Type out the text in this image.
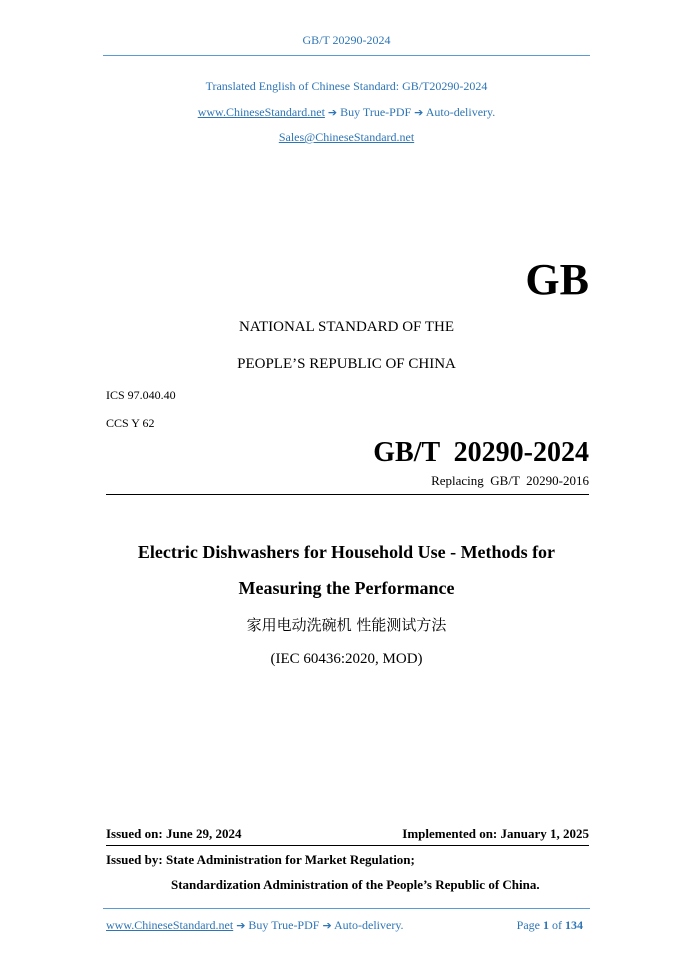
GB/T 20290-2024
Translated English of Chinese Standard: GB/T20290-2024
www.ChineseStandard.net ➔ Buy True-PDF ➔ Auto-delivery.
Sales@ChineseStandard.net
GB
NATIONAL STANDARD OF THE
PEOPLE’S REPUBLIC OF CHINA
ICS 97.040.40
CCS Y 62
GB/T  20290-2024
Replacing  GB/T  20290-2016
Electric Dishwashers for Household Use - Methods for
Measuring the Performance
家用电动洗碗机 性能测试方法
(IEC 60436:2020, MOD)
Issued on: June 29, 2024	Implemented on: January 1, 2025
Issued by: State Administration for Market Regulation;
Standardization Administration of the People’s Republic of China.
www.ChineseStandard.net ➔ Buy True-PDF ➔ Auto-delivery.	Page 1 of 134
